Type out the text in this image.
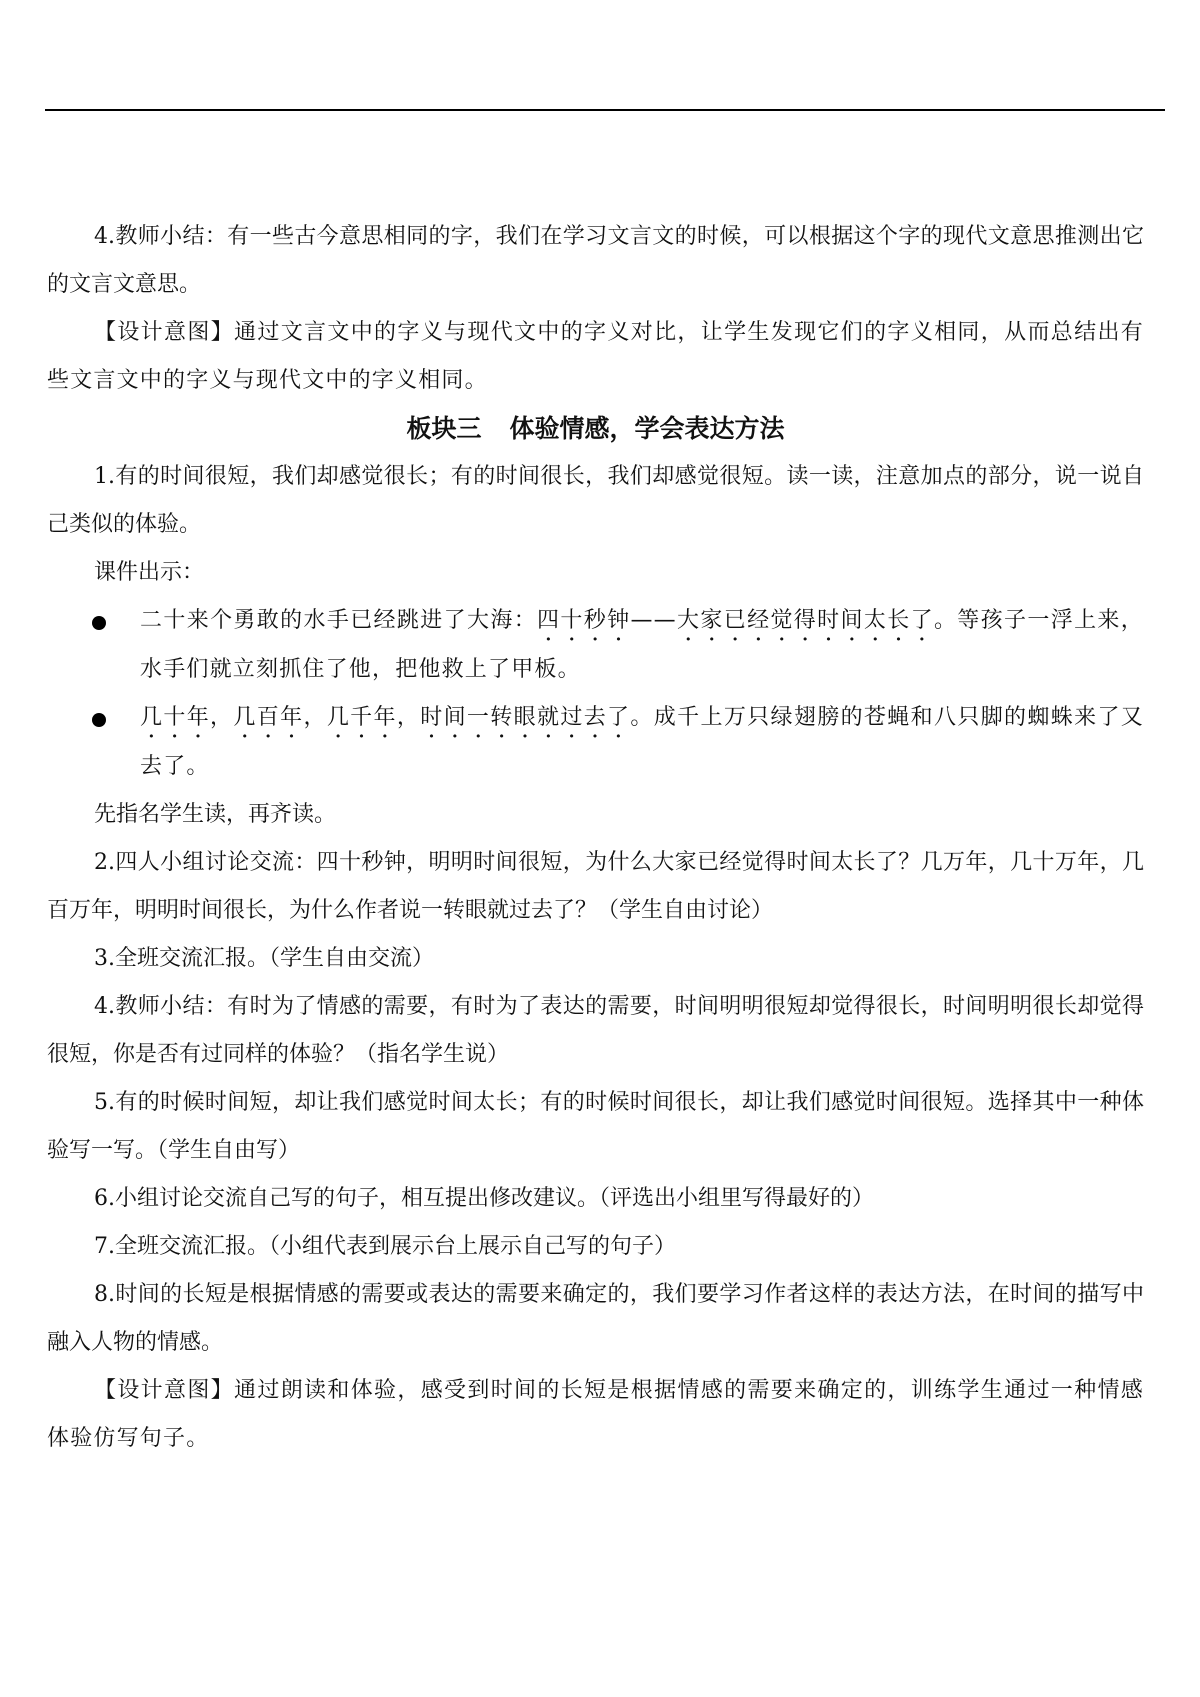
4.教师小结：有一些古今意思相同的字，我们在学习文言文的时候，可以根据这个字的现代文意思推测出它的文言文意思。

【设计意图】通过文言文中的字义与现代文中的字义对比，让学生发现它们的字义相同，从而总结出有些文言文中的字义与现代文中的字义相同。

板块三 体验情感，学会表达方法

1.有的时间很短，我们却感觉很长；有的时间很长，我们却感觉很短。读一读，注意加点的部分，说一说自己类似的体验。

课件出示：

二十来个勇敢的水手已经跳进了大海：四十秒钟——大家已经觉得时间太长了。等孩子一浮上来，水手们就立刻抓住了他，把他救上了甲板。

几十年，几百年，几千年，时间一转眼就过去了。成千上万只绿翅膀的苍蝇和八只脚的蜘蛛来了又去了。

先指名学生读，再齐读。

2.四人小组讨论交流：四十秒钟，明明时间很短，为什么大家已经觉得时间太长了？几万年，几十万年，几百万年，明明时间很长，为什么作者说一转眼就过去了？（学生自由讨论）

3.全班交流汇报。（学生自由交流）

4.教师小结：有时为了情感的需要，有时为了表达的需要，时间明明很短却觉得很长，时间明明很长却觉得很短，你是否有过同样的体验？（指名学生说）

5.有的时候时间短，却让我们感觉时间太长；有的时候时间很长，却让我们感觉时间很短。选择其中一种体验写一写。（学生自由写）

6.小组讨论交流自己写的句子，相互提出修改建议。（评选出小组里写得最好的）

7.全班交流汇报。（小组代表到展示台上展示自己写的句子）

8.时间的长短是根据情感的需要或表达的需要来确定的，我们要学习作者这样的表达方法，在时间的描写中融入人物的情感。

【设计意图】通过朗读和体验，感受到时间的长短是根据情感的需要来确定的，训练学生通过一种情感体验仿写句子。
